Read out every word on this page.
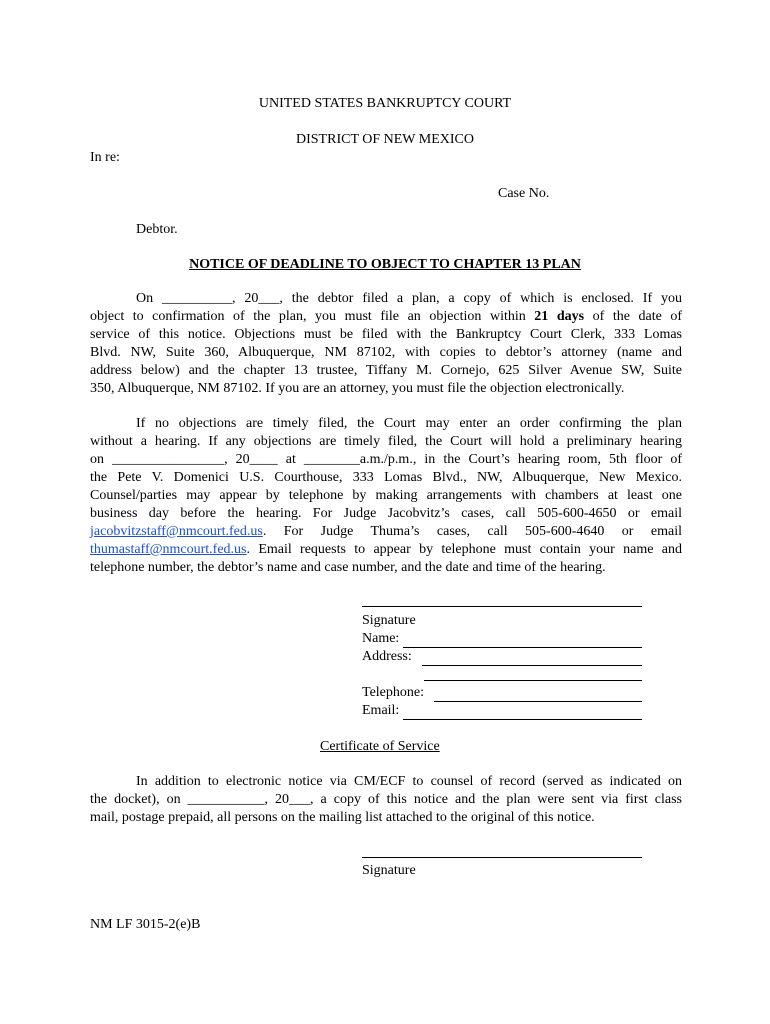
UNITED STATES BANKRUPTCY COURT
DISTRICT OF NEW MEXICO
In re:
Case No.
Debtor.
NOTICE OF DEADLINE TO OBJECT TO CHAPTER 13 PLAN
On __________, 20___, the debtor filed a plan, a copy of which is enclosed. If you
object to confirmation of the plan, you must file an objection within 21 days of the date of
service of this notice. Objections must be filed with the Bankruptcy Court Clerk, 333 Lomas
Blvd. NW, Suite 360, Albuquerque, NM 87102, with copies to debtor’s attorney (name and
address below) and the chapter 13 trustee, Tiffany M. Cornejo, 625 Silver Avenue SW, Suite
350, Albuquerque, NM 87102. If you are an attorney, you must file the objection electronically.
If no objections are timely filed, the Court may enter an order confirming the plan
without a hearing. If any objections are timely filed, the Court will hold a preliminary hearing
on ________________, 20____ at ________a.m./p.m., in the Court’s hearing room, 5th floor of
the Pete V. Domenici U.S. Courthouse, 333 Lomas Blvd., NW, Albuquerque, New Mexico.
Counsel/parties may appear by telephone by making arrangements with chambers at least one
business day before the hearing. For Judge Jacobvitz’s cases, call 505-600-4650 or email
jacobvitzstaff@nmcourt.fed.us. For Judge Thuma’s cases, call 505-600-4640 or email
thumastaff@nmcourt.fed.us. Email requests to appear by telephone must contain your name and
telephone number, the debtor’s name and case number, and the date and time of the hearing.
Signature
Name:
Address:
Telephone:
Email:
Certificate of Service
In addition to electronic notice via CM/ECF to counsel of record (served as indicated on
the docket), on ___________, 20___, a copy of this notice and the plan were sent via first class
mail, postage prepaid, all persons on the mailing list attached to the original of this notice.
Signature
NM LF 3015-2(e)B
